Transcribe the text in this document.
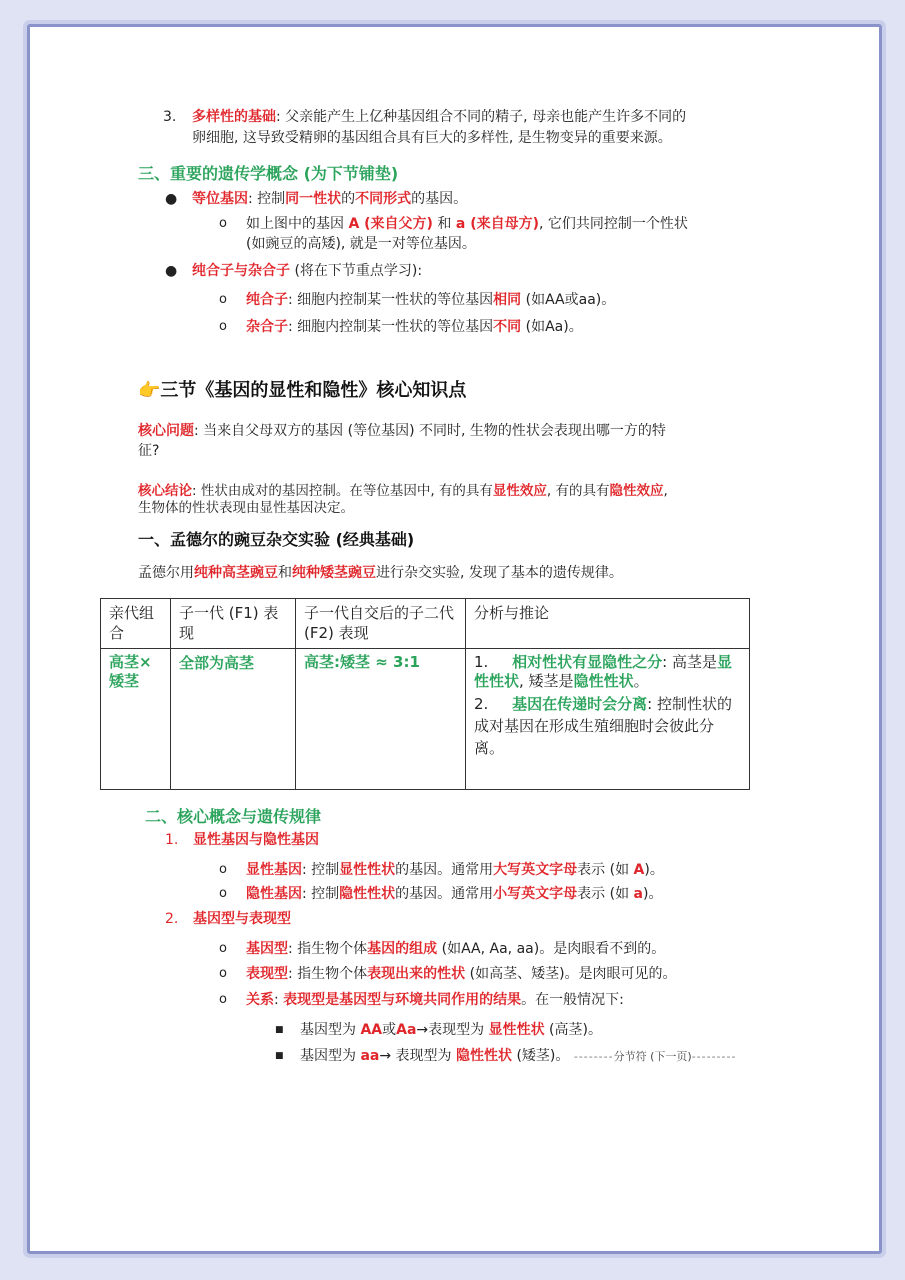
3. 多样性的基础: 父亲能产生上亿种基因组合不同的精子, 母亲也能产生许多不同的
卵细胞, 这导致受精卵的基因组合具有巨大的多样性, 是生物变异的重要来源。
三、重要的遗传学概念 (为下节铺垫)
● 等位基因: 控制同一性状的不同形式的基因。
o 如上图中的基因 A (来自父方) 和 a (来自母方), 它们共同控制一个性状
(如豌豆的高矮), 就是一对等位基因。
● 纯合子与杂合子 (将在下节重点学习):
o 纯合子: 细胞内控制某一性状的等位基因相同 (如AA或aa)。
o 杂合子: 细胞内控制某一性状的等位基因不同 (如Aa)。
👉三节《基因的显性和隐性》核心知识点
核心问题: 当来自父母双方的基因 (等位基因) 不同时, 生物的性状会表现出哪一方的特
征?
核心结论: 性状由成对的基因控制。在等位基因中, 有的具有显性效应, 有的具有隐性效应,
生物体的性状表现由显性基因决定。
一、孟德尔的豌豆杂交实验 (经典基础)
孟德尔用纯种高茎豌豆和纯种矮茎豌豆进行杂交实验, 发现了基本的遗传规律。
亲代组合	子一代 (F1) 表现	子一代自交后的子二代 (F2) 表现	分析与推论
高茎×矮茎	全部为高茎	高茎:矮茎 ≈ 3:1	1. 相对性状有显隐性之分: 高茎是显性性状, 矮茎是隐性性状。
2. 基因在传递时会分离: 控制性状的成对基因在形成生殖细胞时会彼此分离。
二、核心概念与遗传规律
1. 显性基因与隐性基因
o 显性基因: 控制显性性状的基因。通常用大写英文字母表示 (如 A)。
o 隐性基因: 控制隐性性状的基因。通常用小写英文字母表示 (如 a)。
2. 基因型与表现型
o 基因型: 指生物个体基因的组成 (如AA, Aa, aa)。是肉眼看不到的。
o 表现型: 指生物个体表现出来的性状 (如高茎、矮茎)。是肉眼可见的。
o 关系: 表现型是基因型与环境共同作用的结果。在一般情况下:
■ 基因型为 AA或Aa→表现型为 显性性状 (高茎)。
■ 基因型为 aa→ 表现型为 隐性性状 (矮茎)。 --------分节符 (下一页)---------
